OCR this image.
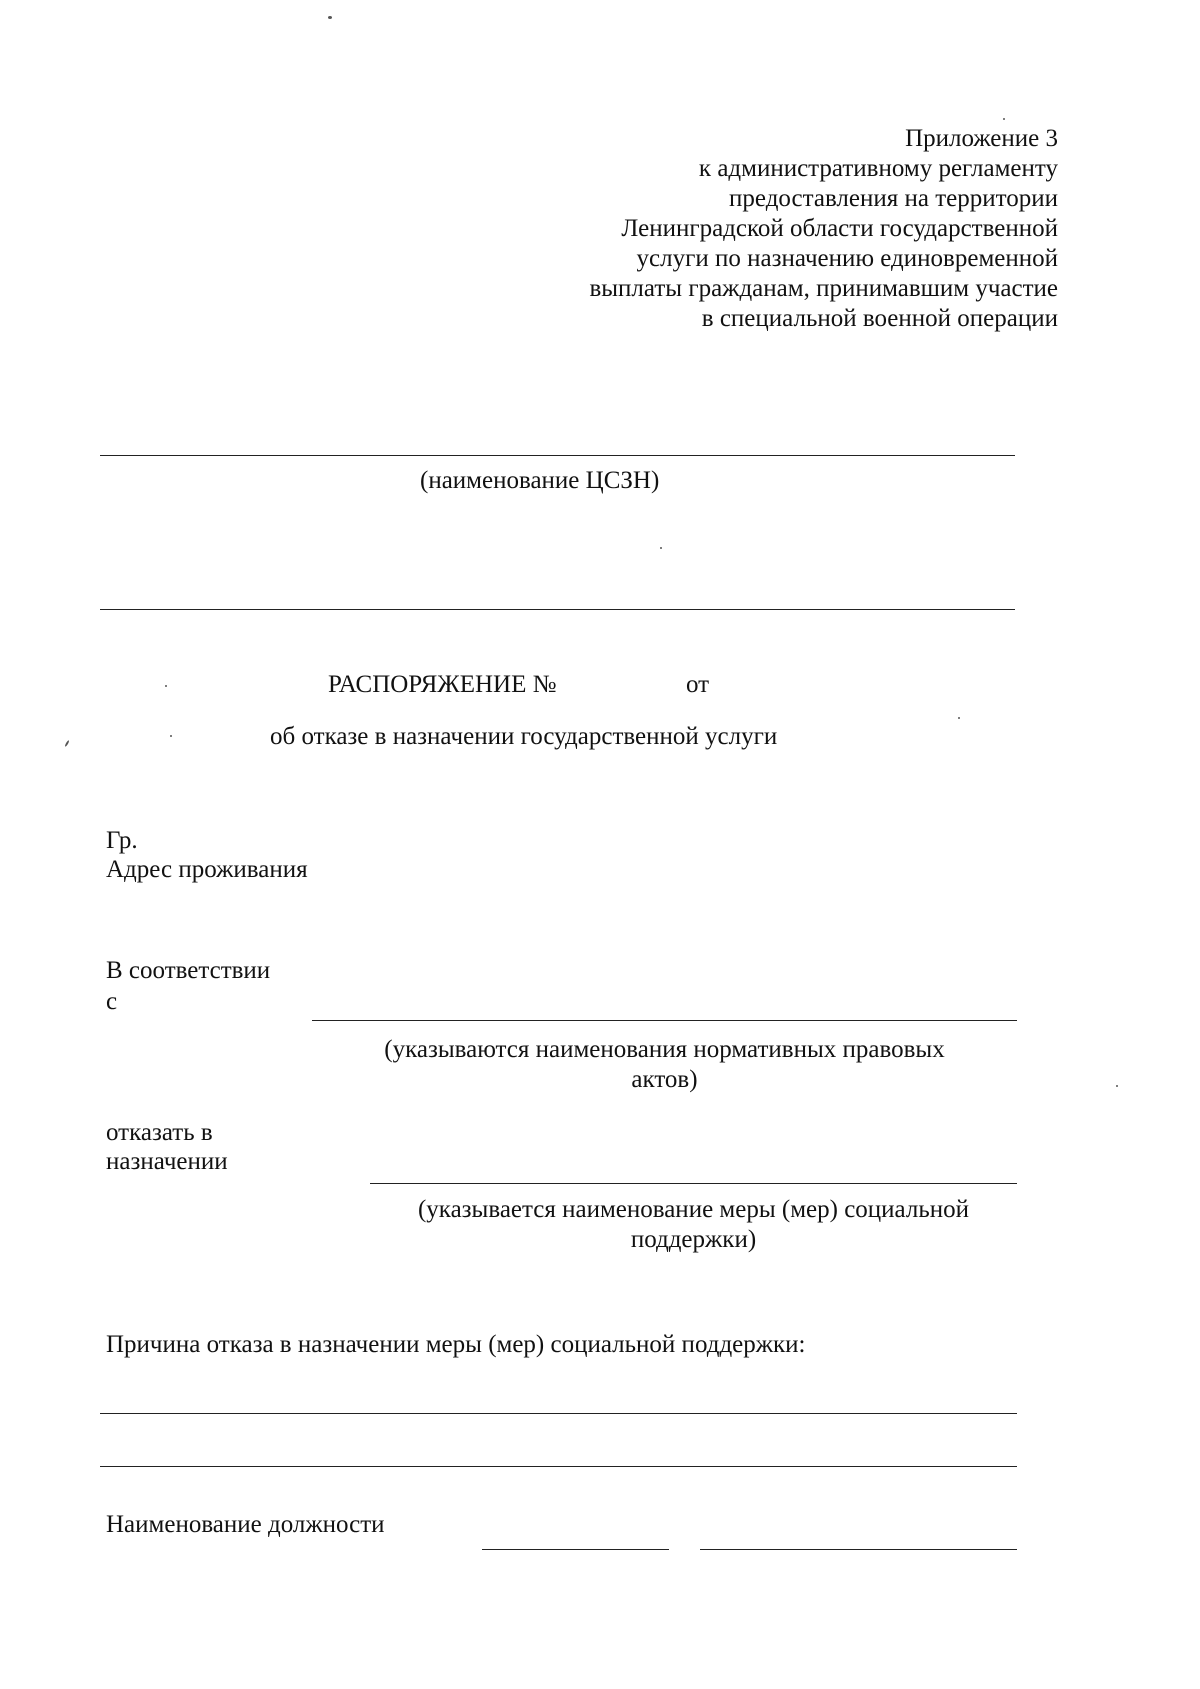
Приложение 3
к административному регламенту
предоставления на территории
Ленинградской области государственной
услуги по назначению единовременной
выплаты гражданам, принимавшим участие
в специальной военной операции
(наименование ЦСЗН)
РАСПОРЯЖЕНИЕ №	от
об отказе в назначении государственной услуги
Гр.
Адрес проживания
В соответствии
с
(указываются наименования нормативных правовых
актов)
отказать в
назначении
(указывается наименование меры (мер) социальной
поддержки)
Причина отказа в назначении меры (мер) социальной поддержки:
Наименование должности
